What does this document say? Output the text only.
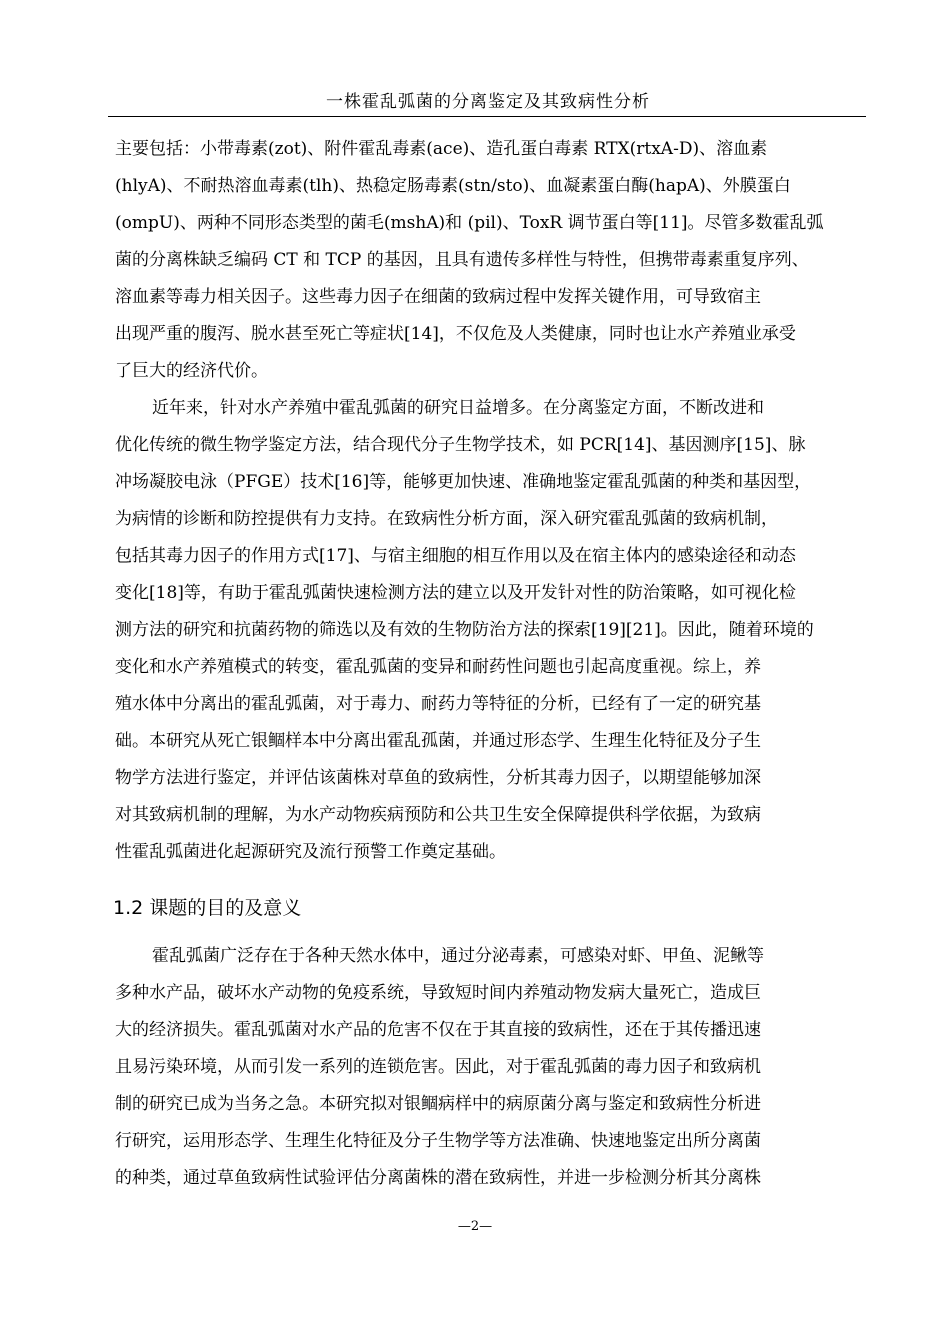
一株霍乱弧菌的分离鉴定及其致病性分析
主要包括：小带毒素(zot)、附件霍乱毒素(ace)、造孔蛋白毒素 RTX(rtxA-D)、溶血素
(hlyA)、不耐热溶血毒素(tlh)、热稳定肠毒素(stn/sto)、血凝素蛋白酶(hapA)、外膜蛋白
(ompU)、两种不同形态类型的菌毛(mshA)和 (pil)、ToxR 调节蛋白等[11]。尽管多数霍乱弧
菌的分离株缺乏编码 CT 和 TCP 的基因，且具有遗传多样性与特性，但携带毒素重复序列、
溶血素等毒力相关因子。这些毒力因子在细菌的致病过程中发挥关键作用，可导致宿主
出现严重的腹泻、脱水甚至死亡等症状[14]，不仅危及人类健康，同时也让水产养殖业承受
了巨大的经济代价。
近年来，针对水产养殖中霍乱弧菌的研究日益增多。在分离鉴定方面，不断改进和
优化传统的微生物学鉴定方法，结合现代分子生物学技术，如 PCR[14]、基因测序[15]、脉
冲场凝胶电泳（PFGE）技术[16]等，能够更加快速、准确地鉴定霍乱弧菌的种类和基因型，
为病情的诊断和防控提供有力支持。在致病性分析方面，深入研究霍乱弧菌的致病机制，
包括其毒力因子的作用方式[17]、与宿主细胞的相互作用以及在宿主体内的感染途径和动态
变化[18]等，有助于霍乱弧菌快速检测方法的建立以及开发针对性的防治策略，如可视化检
测方法的研究和抗菌药物的筛选以及有效的生物防治方法的探索[19][21]。因此，随着环境的
变化和水产养殖模式的转变，霍乱弧菌的变异和耐药性问题也引起高度重视。综上，养
殖水体中分离出的霍乱弧菌，对于毒力、耐药力等特征的分析，已经有了一定的研究基
础。本研究从死亡银鲴样本中分离出霍乱孤菌，并通过形态学、生理生化特征及分子生
物学方法进行鉴定，并评估该菌株对草鱼的致病性，分析其毒力因子，以期望能够加深
对其致病机制的理解，为水产动物疾病预防和公共卫生安全保障提供科学依据，为致病
性霍乱弧菌进化起源研究及流行预警工作奠定基础。
1.2 课题的目的及意义
霍乱弧菌广泛存在于各种天然水体中，通过分泌毒素，可感染对虾、甲鱼、泥鳅等
多种水产品，破坏水产动物的免疫系统，导致短时间内养殖动物发病大量死亡，造成巨
大的经济损失。霍乱弧菌对水产品的危害不仅在于其直接的致病性，还在于其传播迅速
且易污染环境，从而引发一系列的连锁危害。因此，对于霍乱弧菌的毒力因子和致病机
制的研究已成为当务之急。本研究拟对银鲴病样中的病原菌分离与鉴定和致病性分析进
行研究，运用形态学、生理生化特征及分子生物学等方法准确、快速地鉴定出所分离菌
的种类，通过草鱼致病性试验评估分离菌株的潜在致病性，并进一步检测分析其分离株
—2—
